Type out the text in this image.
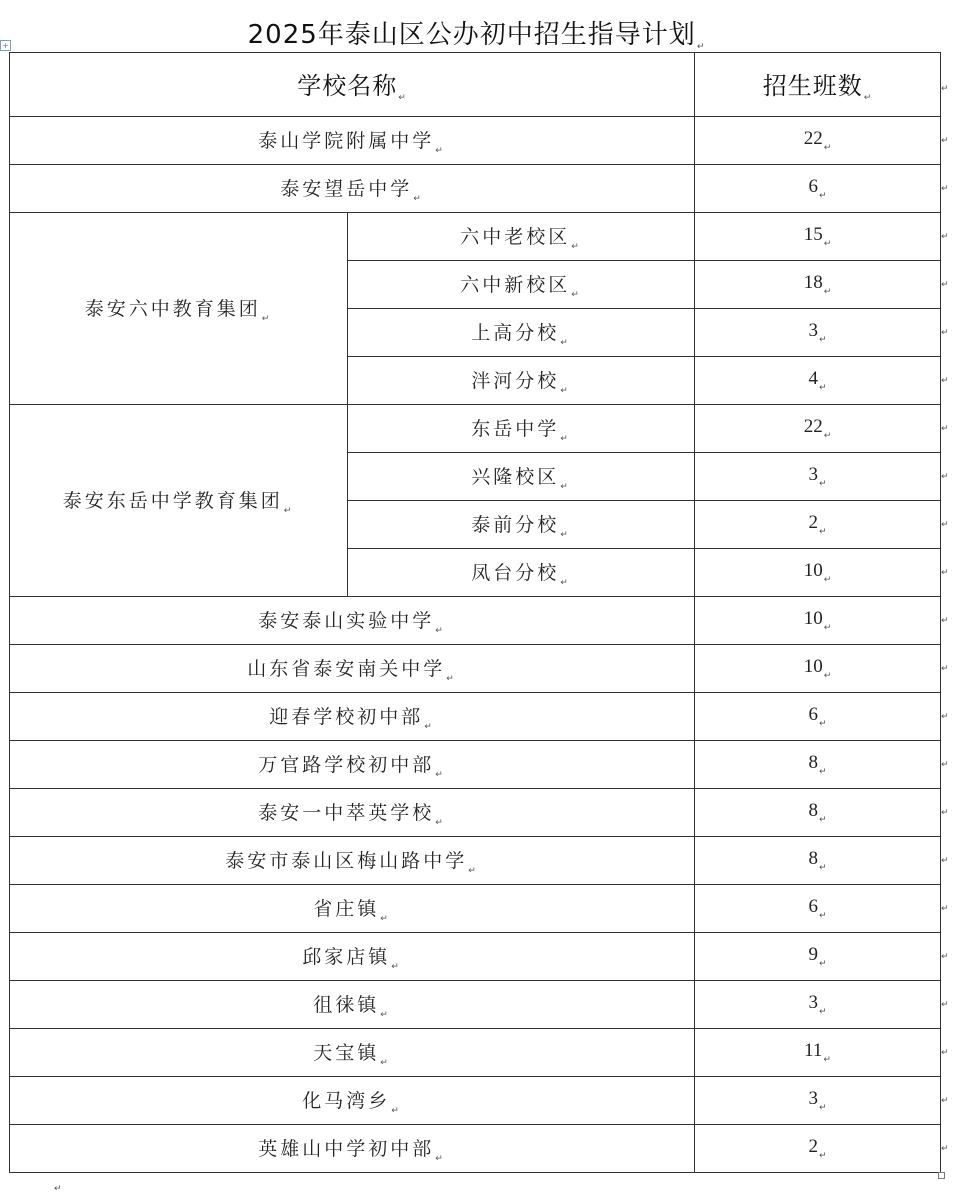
2025年泰山区公办初中招生指导计划$_↵$
+
学校名称$_↵$		招生班数$_↵$
泰山学院附属中学$_↵$		$22_↵$
泰安望岳中学$_↵$		$6_↵$
泰安六中教育集团$_↵$	六中老校区$_↵$	$15_↵$
	六中新校区$_↵$	$18_↵$
	上高分校$_↵$	$3_↵$
	泮河分校$_↵$	$4_↵$
泰安东岳中学教育集团$_↵$	东岳中学$_↵$	$22_↵$
	兴隆校区$_↵$	$3_↵$
	泰前分校$_↵$	$2_↵$
	凤台分校$_↵$	$10_↵$
泰安泰山实验中学$_↵$		$10_↵$
山东省泰安南关中学$_↵$		$10_↵$
迎春学校初中部$_↵$		$6_↵$
万官路学校初中部$_↵$		$8_↵$
泰安一中萃英学校$_↵$		$8_↵$
泰安市泰山区梅山路中学$_↵$		$8_↵$
省庄镇$_↵$		$6_↵$
邱家店镇$_↵$		$9_↵$
徂徕镇$_↵$		$3_↵$
天宝镇$_↵$		$11_↵$
化马湾乡$_↵$		$3_↵$
英雄山中学初中部$_↵$		$2_↵$
↵
↵
↵
↵
↵
↵
↵
↵
↵
↵
↵
↵
↵
↵
↵
↵
↵
↵
↵
↵
↵
↵
↵
↵
